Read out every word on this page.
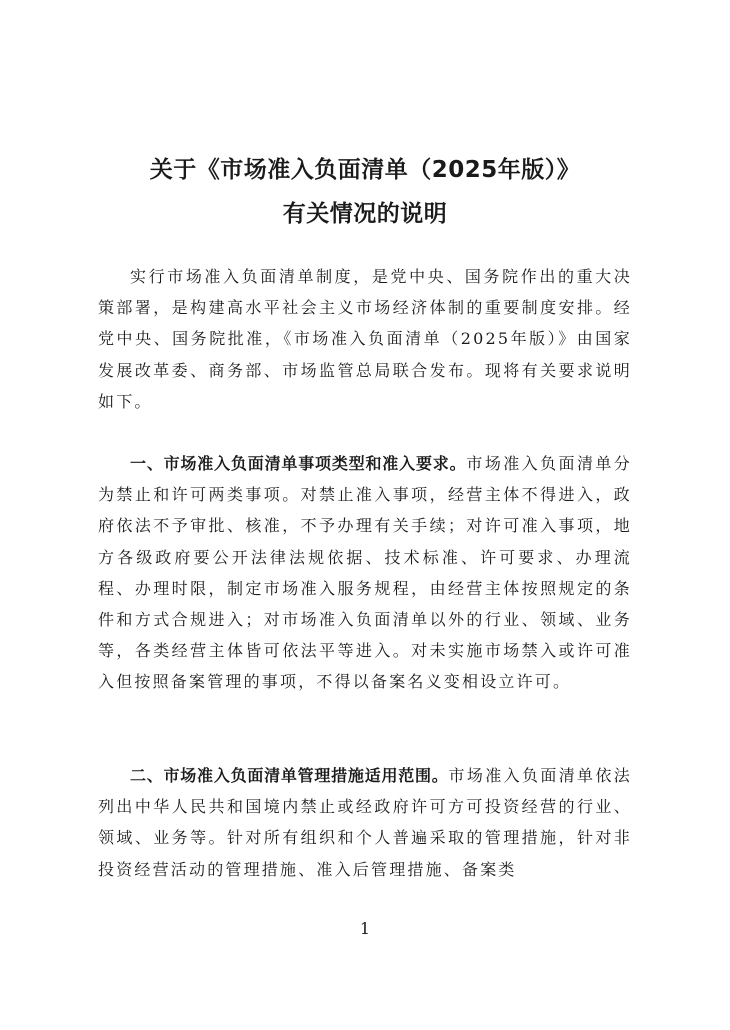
关于《市场准入负面清单（2025年版）》
有关情况的说明

实行市场准入负面清单制度，是党中央、国务院作出的重大决策部署，是构建高水平社会主义市场经济体制的重要制度安排。经党中央、国务院批准，《市场准入负面清单（2025年版）》由国家发展改革委、商务部、市场监管总局联合发布。现将有关要求说明如下。

一、市场准入负面清单事项类型和准入要求。市场准入负面清单分为禁止和许可两类事项。对禁止准入事项，经营主体不得进入，政府依法不予审批、核准，不予办理有关手续；对许可准入事项，地方各级政府要公开法律法规依据、技术标准、许可要求、办理流程、办理时限，制定市场准入服务规程，由经营主体按照规定的条件和方式合规进入；对市场准入负面清单以外的行业、领域、业务等，各类经营主体皆可依法平等进入。对未实施市场禁入或许可准入但按照备案管理的事项，不得以备案名义变相设立许可。

二、市场准入负面清单管理措施适用范围。市场准入负面清单依法列出中华人民共和国境内禁止或经政府许可方可投资经营的行业、领域、业务等。针对所有组织和个人普遍采取的管理措施，针对非投资经营活动的管理措施、准入后管理措施、备案类

1
